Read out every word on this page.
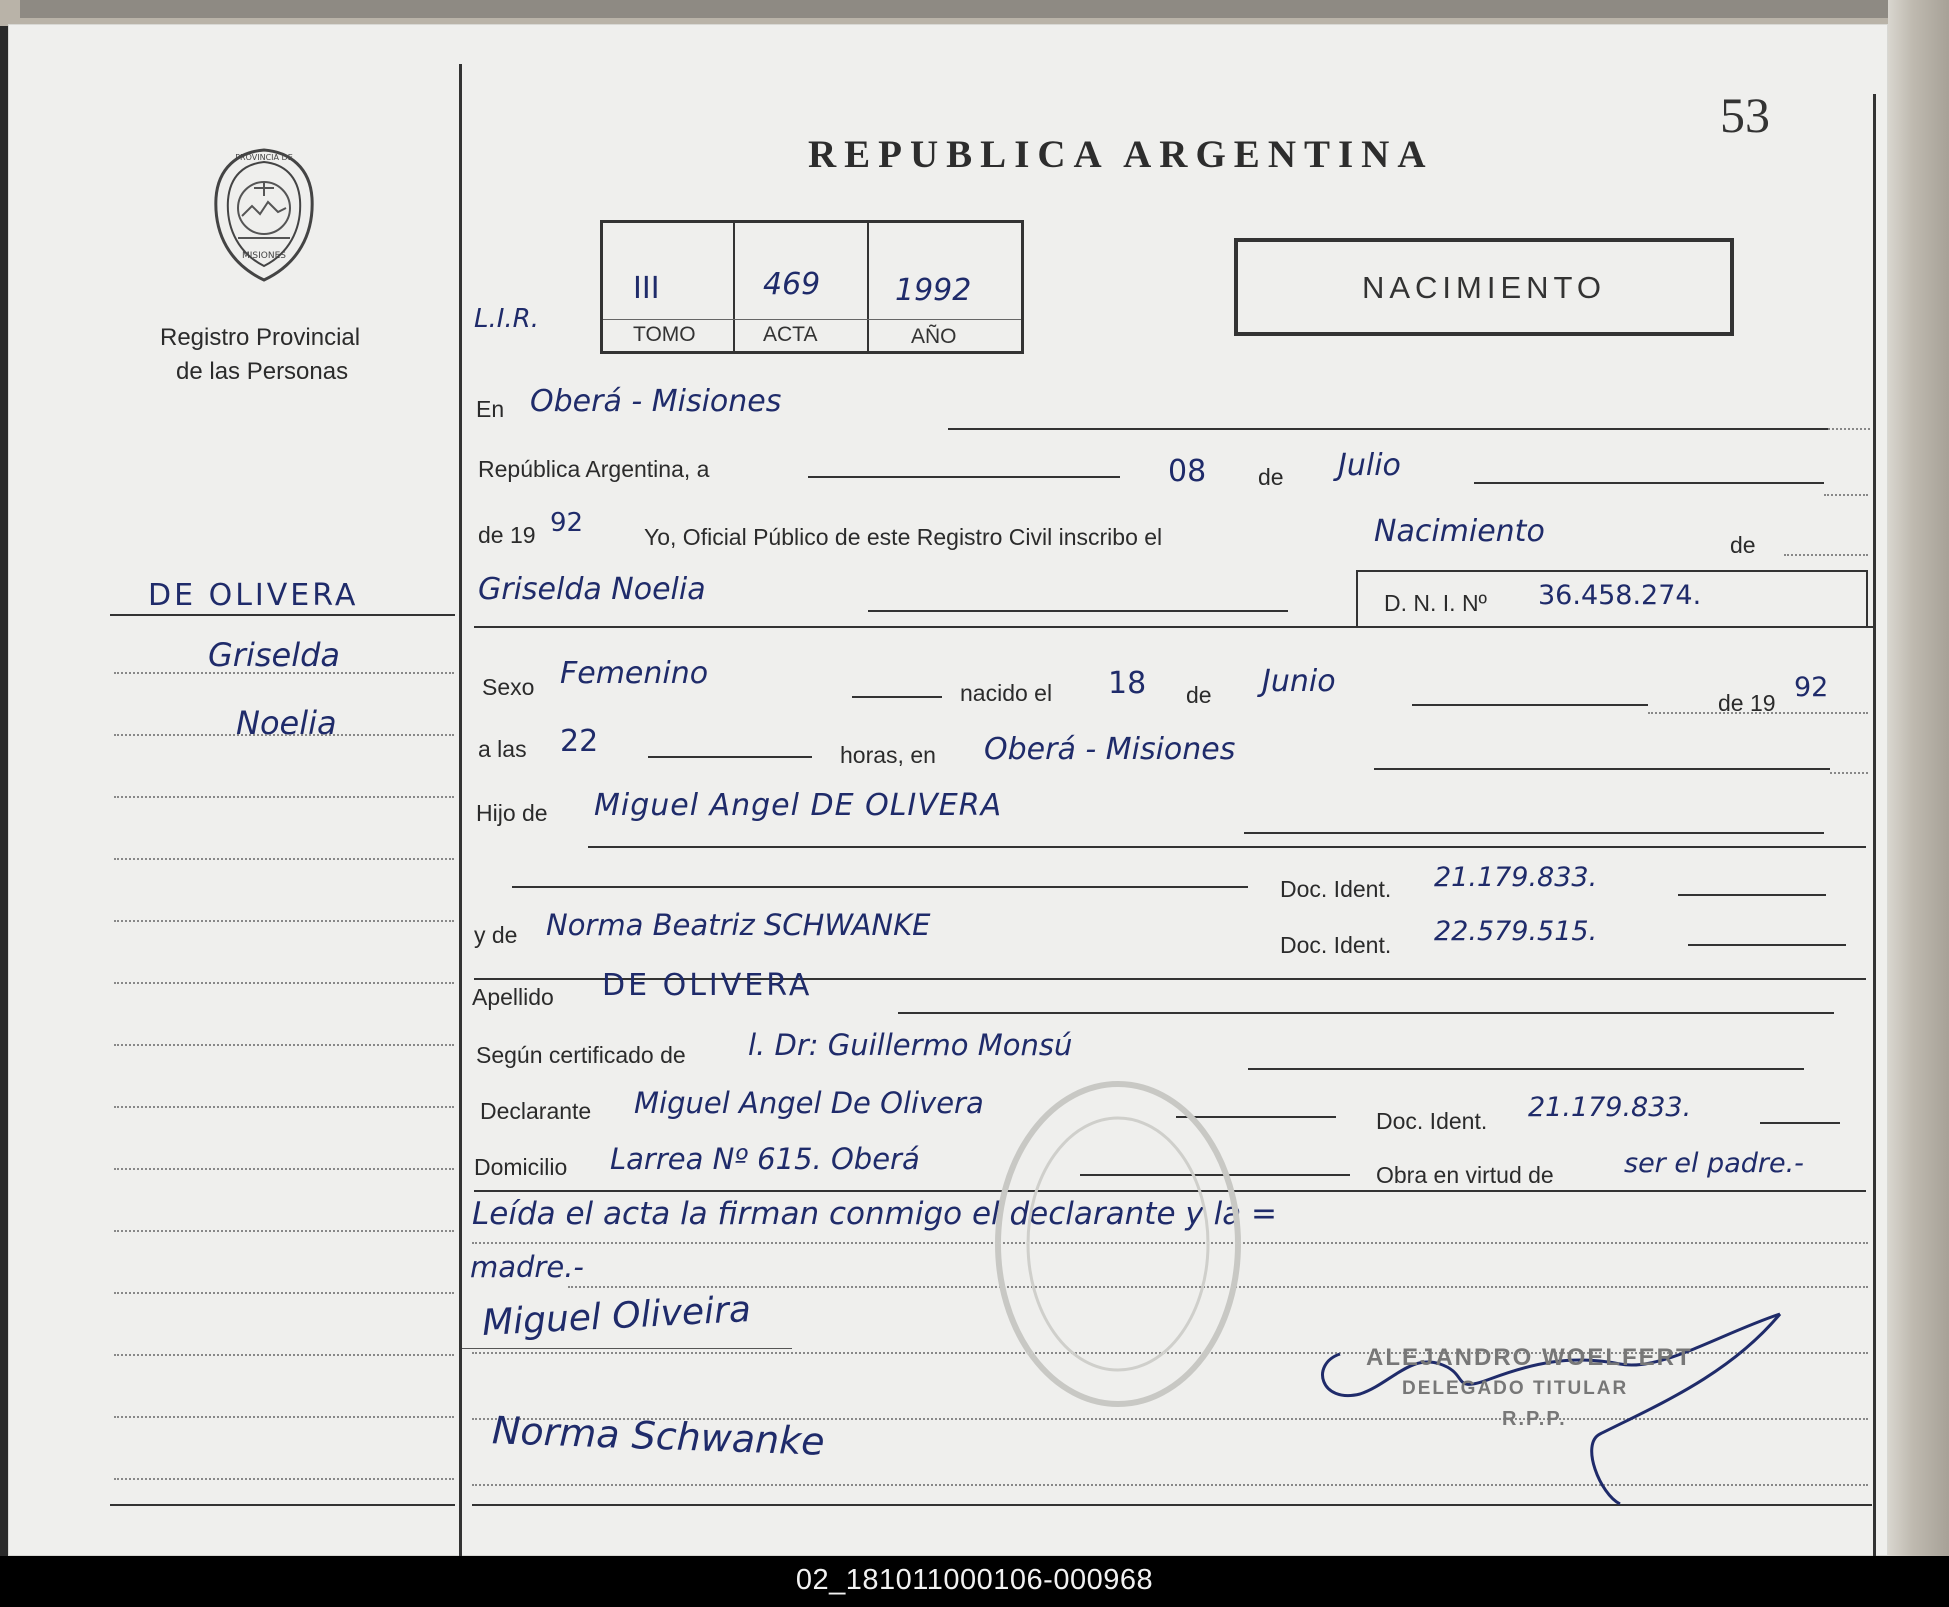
53
PROVINCIA DE
MISIONES
Registro Provincial
de las Personas
REPUBLICA ARGENTINA
L.I.R.
III	469 1992
TOMO	ACTA	AÑO
NACIMIENTO
DE OLIVERA
Griselda
Noelia
En Oberá - Misiones
República Argentina, a	08 de Julio
de 19 92	Yo, Oficial Público de este Registro Civil inscribo el	Nacimiento	de
Griselda Noelia	D. N. I. Nº 36.458.274.
Sexo Femenino
nacido el 18 de Junio
de 19 92
a las 22	horas, en Oberá - Misiones
Hijo de Miguel Angel DE OLIVERA
Doc. Ident. 21.179.833.
y de Norma Beatriz SCHWANKE
Doc. Ident. 22.579.515.
Apellido DE OLIVERA
Según certificado de l. Dr: Guillermo Monsú
Declarante Miguel Angel De Olivera
Doc. Ident. 21.179.833.
Domicilio Larrea Nº 615. Oberá	Obra en virtud de	ser el padre.-
Leída el acta la firman conmigo el declarante y la =
madre.-
Miguel Oliveira
Norma Schwanke
ALEJANDRO WOELFERT
DELEGADO TITULAR
R.P.P.
02_181011000106-000968
